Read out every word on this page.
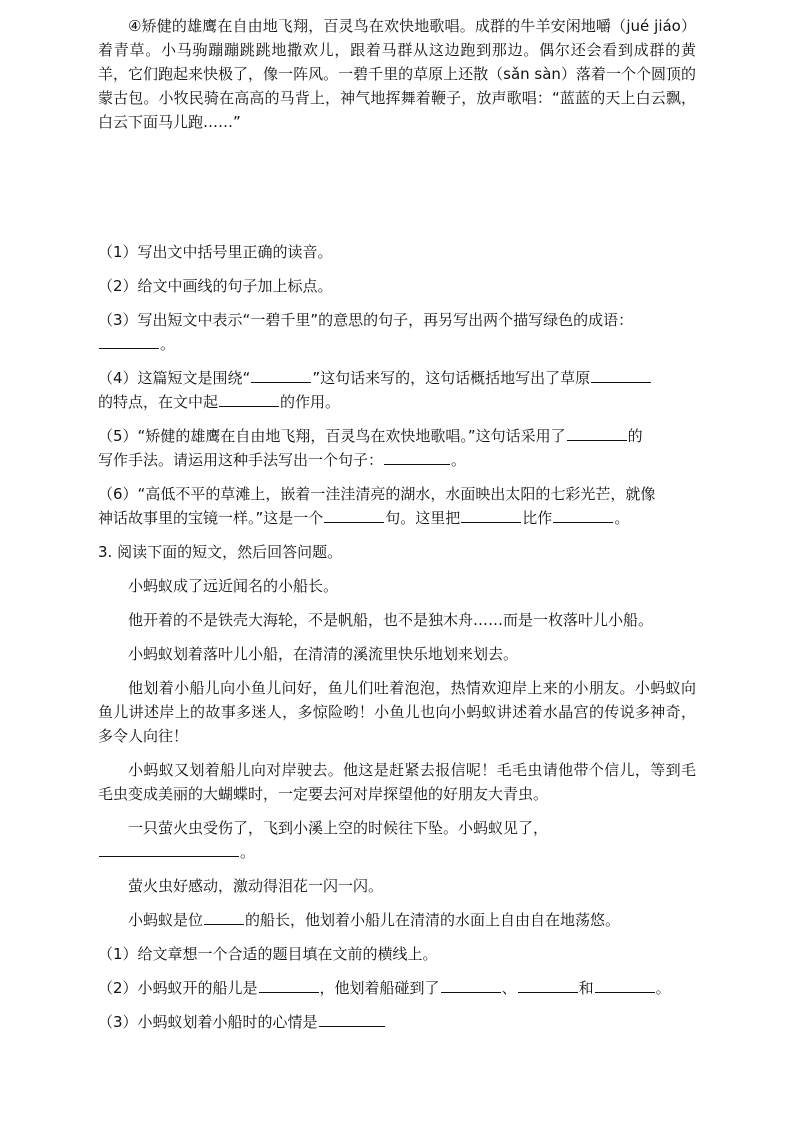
④矫健的雄鹰在自由地飞翔，百灵鸟在欢快地歌唱。成群的牛羊安闲地嚼（jué jiáo）着青草。小马驹蹦蹦跳跳地撒欢儿，跟着马群从这边跑到那边。偶尔还会看到成群的黄羊，它们跑起来快极了，像一阵风。一碧千里的草原上还散（sǎn sàn）落着一个个圆顶的蒙古包。小牧民骑在高高的马背上，神气地挥舞着鞭子，放声歌唱：“蓝蓝的天上白云飘，白云下面马儿跑……”

（1）写出文中括号里正确的读音。
（2）给文中画线的句子加上标点。
（3）写出短文中表示“一碧千里”的意思的句子，再另写出两个描写绿色的成语：
。
（4）这篇短文是围绕“	”这句话来写的，这句话概括地写出了草原
的特点，在文中起	的作用。
（5）“矫健的雄鹰在自由地飞翔，百灵鸟在欢快地歌唱。”这句话采用了	的
写作手法。请运用这种手法写出一个句子：	。
（6）“高低不平的草滩上，嵌着一洼洼清亮的湖水，水面映出太阳的七彩光芒，就像
神话故事里的宝镜一样。”这是一个	句。这里把	比作	。
3. 阅读下面的短文，然后回答问题。
小蚂蚁成了远近闻名的小船长。
他开着的不是铁壳大海轮，不是帆船，也不是独木舟……而是一枚落叶儿小船。
小蚂蚁划着落叶儿小船，在清清的溪流里快乐地划来划去。

他划着小船儿向小鱼儿问好，鱼儿们吐着泡泡，热情欢迎岸上来的小朋友。小蚂蚁向鱼儿讲述岸上的故事多迷人，多惊险哟！小鱼儿也向小蚂蚁讲述着水晶宫的传说多神奇，多令人向往！

小蚂蚁又划着船儿向对岸驶去。他这是赶紧去报信呢！毛毛虫请他带个信儿，等到毛毛虫变成美丽的大蝴蝶时，一定要去河对岸探望他的好朋友大青虫。

一只萤火虫受伤了，飞到小溪上空的时候往下坠。小蚂蚁见了，
。
萤火虫好感动，激动得泪花一闪一闪。
小蚂蚁是位	的船长，他划着小船儿在清清的水面上自由自在地荡悠。
（1）给文章想一个合适的题目填在文前的横线上。
（2）小蚂蚁开的船儿是	，他划着船碰到了	、	和	。
（3）小蚂蚁划着小船时的心情是
